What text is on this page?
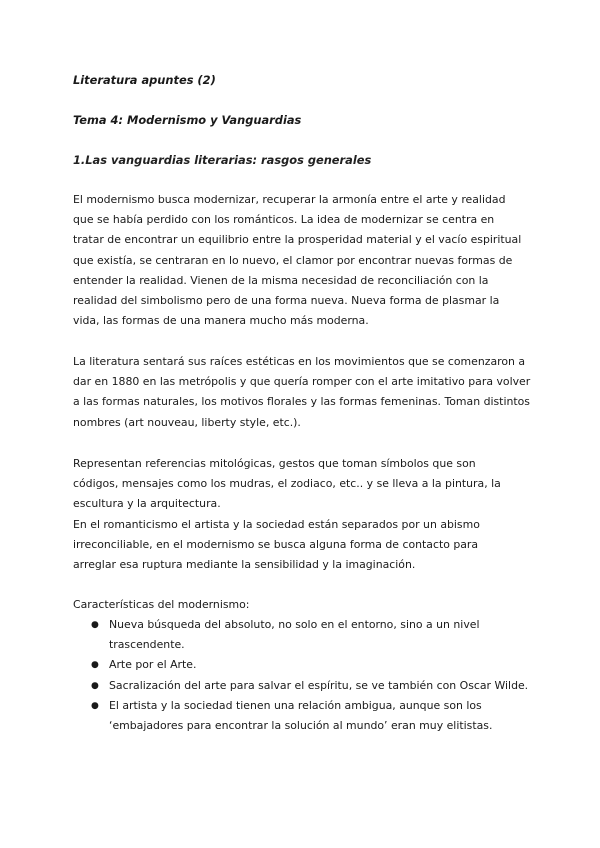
Literatura apuntes (2)
Tema 4: Modernismo y Vanguardias
1.Las vanguardias literarias: rasgos generales

El modernismo busca modernizar, recuperar la armonía entre el arte y realidad
que se había perdido con los románticos. La idea de modernizar se centra en
tratar de encontrar un equilibrio entre la prosperidad material y el vacío espiritual
que existía, se centraran en lo nuevo, el clamor por encontrar nuevas formas de
entender la realidad. Vienen de la misma necesidad de reconciliación con la
realidad del simbolismo pero de una forma nueva. Nueva forma de plasmar la
vida, las formas de una manera mucho más moderna.

La literatura sentará sus raíces estéticas en los movimientos que se comenzaron a
dar en 1880 en las metrópolis y que quería romper con el arte imitativo para volver
a las formas naturales, los motivos florales y las formas femeninas. Toman distintos
nombres (art nouveau, liberty style, etc.).

Representan referencias mitológicas, gestos que toman símbolos que son
códigos, mensajes como los mudras, el zodiaco, etc.. y se lleva a la pintura, la
escultura y la arquitectura.
En el romanticismo el artista y la sociedad están separados por un abismo
irreconciliable, en el modernismo se busca alguna forma de contacto para
arreglar esa ruptura mediante la sensibilidad y la imaginación.

Características del modernismo:

● Nueva búsqueda del absoluto, no solo en el entorno, sino a un nivel
trascendente.
● Arte por el Arte.
● Sacralización del arte para salvar el espíritu, se ve también con Oscar Wilde.
● El artista y la sociedad tienen una relación ambigua, aunque son los
‘embajadores para encontrar la solución al mundo’ eran muy elitistas.
